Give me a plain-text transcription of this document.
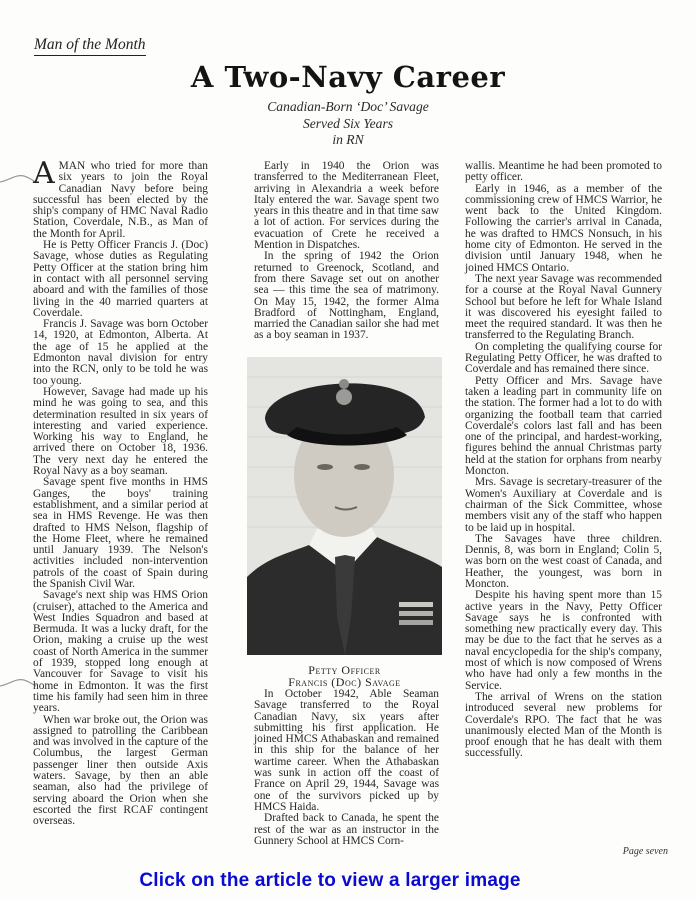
Man of the Month
A Two-Navy Career
Canadian-Born ‘Doc’ Savage
Served Six Years
in RN

A MAN who tried for more than six years to join the Royal Canadian Navy before being successful has been elected by the ship's company of HMC Naval Radio Station, Coverdale, N.B., as Man of the Month for April.

He is Petty Officer Francis J. (Doc) Savage, whose duties as Regulating Petty Officer at the station bring him in contact with all personnel serving aboard and with the families of those living in the 40 married quarters at Coverdale.

Francis J. Savage was born October 14, 1920, at Edmonton, Alberta. At the age of 15 he applied at the Edmonton naval division for entry into the RCN, only to be told he was too young.

However, Savage had made up his mind he was going to sea, and this determination resulted in six years of interesting and varied experience. Working his way to England, he arrived there on October 18, 1936. The very next day he entered the Royal Navy as a boy seaman.

Savage spent five months in HMS Ganges, the boys' training establishment, and a similar period at sea in HMS Revenge. He was then drafted to HMS Nelson, flagship of the Home Fleet, where he remained until January 1939. The Nelson's activities included non-intervention patrols of the coast of Spain during the Spanish Civil War.

Savage's next ship was HMS Orion (cruiser), attached to the America and West Indies Squadron and based at Bermuda. It was a lucky draft, for the Orion, making a cruise up the west coast of North America in the summer of 1939, stopped long enough at Vancouver for Savage to visit his home in Edmonton. It was the first time his family had seen him in three years.

When war broke out, the Orion was assigned to patrolling the Caribbean and was involved in the capture of the Columbus, the largest German passenger liner then outside Axis waters. Savage, by then an able seaman, also had the privilege of serving aboard the Orion when she escorted the first RCAF contingent overseas.

Early in 1940 the Orion was transferred to the Mediterranean Fleet, arriving in Alexandria a week before Italy entered the war. Savage spent two years in this theatre and in that time saw a lot of action. For services during the evacuation of Crete he received a Mention in Dispatches.

In the spring of 1942 the Orion returned to Greenock, Scotland, and from there Savage set out on another sea — this time the sea of matrimony. On May 15, 1942, the former Alma Bradford of Nottingham, England, married the Canadian sailor she had met as a boy seaman in 1937.

Petty Officer
Francis (Doc) Savage

In October 1942, Able Seaman Savage transferred to the Royal Canadian Navy, six years after submitting his first application. He joined HMCS Athabaskan and remained in this ship for the balance of her wartime career. When the Athabaskan was sunk in action off the coast of France on April 29, 1944, Savage was one of the survivors picked up by HMCS Haida.

Drafted back to Canada, he spent the rest of the war as an instructor in the Gunnery School at HMCS Corn-

wallis. Meantime he had been promoted to petty officer.

Early in 1946, as a member of the commissioning crew of HMCS Warrior, he went back to the United Kingdom. Following the carrier's arrival in Canada, he was drafted to HMCS Nonsuch, in his home city of Edmonton. He served in the division until January 1948, when he joined HMCS Ontario.

The next year Savage was recommended for a course at the Royal Naval Gunnery School but before he left for Whale Island it was discovered his eyesight failed to meet the required standard. It was then he transferred to the Regulating Branch.

On completing the qualifying course for Regulating Petty Officer, he was drafted to Coverdale and has remained there since.

Petty Officer and Mrs. Savage have taken a leading part in community life on the station. The former had a lot to do with organizing the football team that carried Coverdale's colors last fall and has been one of the principal, and hardest-working, figures behind the annual Christmas party held at the station for orphans from nearby Moncton.

Mrs. Savage is secretary-treasurer of the Women's Auxiliary at Coverdale and is chairman of the Sick Committee, whose members visit any of the staff who happen to be laid up in hospital.

The Savages have three children. Dennis, 8, was born in England; Colin 5, was born on the west coast of Canada, and Heather, the youngest, was born in Moncton.

Despite his having spent more than 15 active years in the Navy, Petty Officer Savage says he is confronted with something new practically every day. This may be due to the fact that he serves as a naval encyclopedia for the ship's company, most of which is now composed of Wrens who have had only a few months in the Service.

The arrival of Wrens on the station introduced several new problems for Coverdale's RPO. The fact that he was unanimously elected Man of the Month is proof enough that he has dealt with them successfully.

Page seven
Click on the article to view a larger image
